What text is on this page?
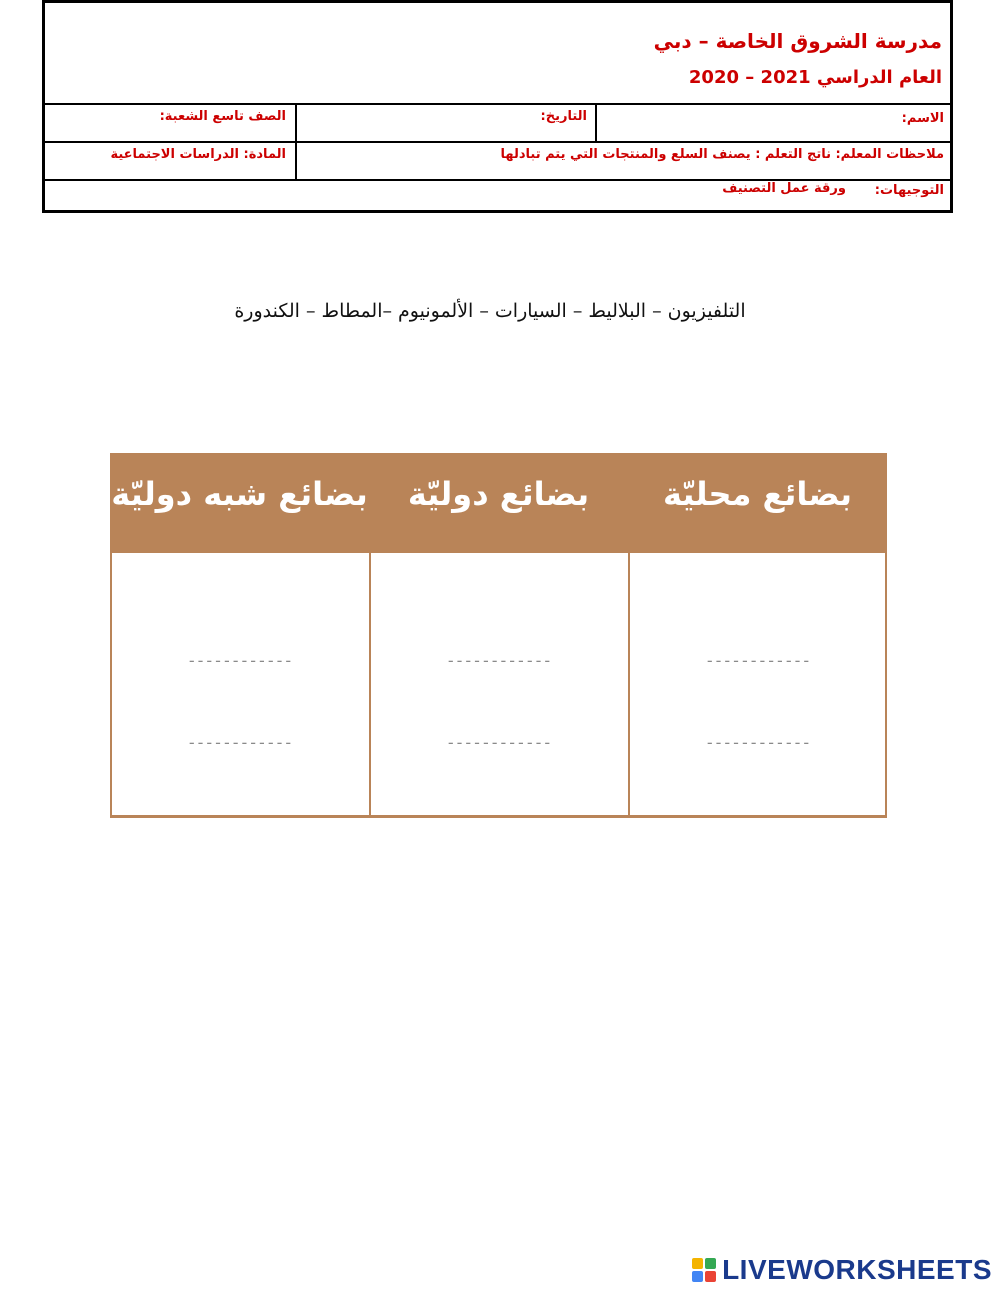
مدرسة الشروق الخاصة – دبي
العام الدراسي 2021 – 2020
الاسم:
التاريخ:
الصف تاسع الشعبة:
ملاحظات المعلم: ناتج التعلم : يصنف السلع والمنتجات التي يتم تبادلها
المادة: الدراسات الاجتماعية
التوجيهات:
ورقة عمل التصنيف
التلفيزيون – البلاليط – السيارات – الألمونيوم –المطاط – الكندورة
بضائع محليّة
بضائع دوليّة
بضائع شبه دوليّة
------------
------------
------------
------------
------------
------------
LIVEWORKSHEETS
